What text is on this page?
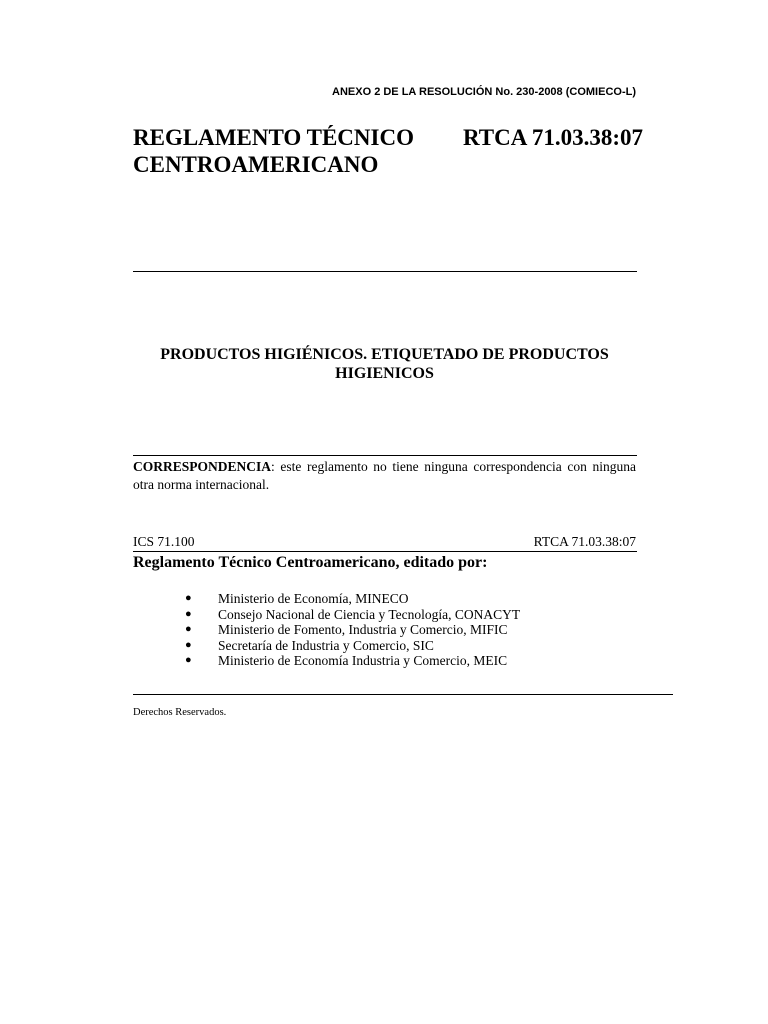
ANEXO 2 DE LA RESOLUCIÓN No. 230-2008 (COMIECO-L)
REGLAMENTO TÉCNICO
CENTROAMERICANO
RTCA 71.03.38:07
PRODUCTOS HIGIÉNICOS. ETIQUETADO DE PRODUCTOS
HIGIENICOS
CORRESPONDENCIA: este reglamento no tiene ninguna correspondencia con ninguna otra norma internacional.
ICS 71.100	RTCA 71.03.38:07
Reglamento Técnico Centroamericano, editado por:
● Ministerio de Economía, MINECO
● Consejo Nacional de Ciencia y Tecnología, CONACYT
● Ministerio de Fomento, Industria y Comercio, MIFIC
● Secretaría de Industria y Comercio, SIC
● Ministerio de Economía Industria y Comercio, MEIC
Derechos Reservados.
